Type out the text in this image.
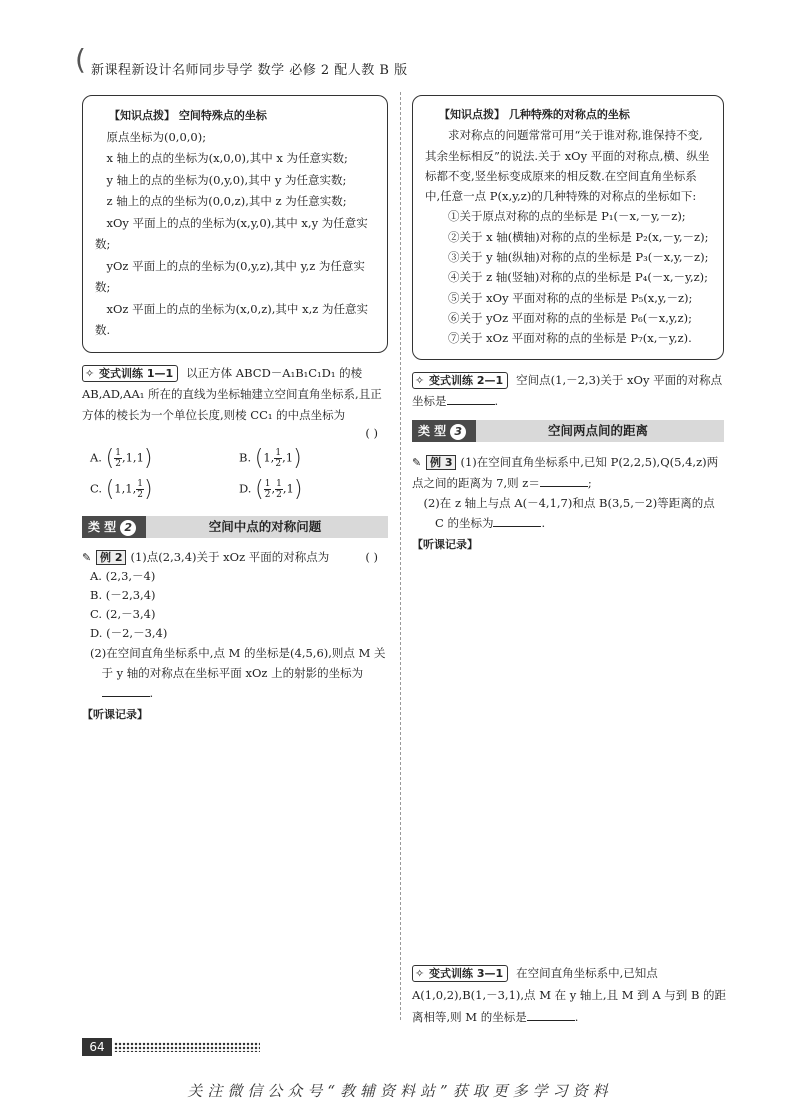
( 新课程新设计名师同步导学 数学 必修 2 配人教 B 版
【知识点拨】 空间特殊点的坐标

原点坐标为(0,0,0);

x 轴上的点的坐标为(x,0,0),其中 x 为任意实数;

y 轴上的点的坐标为(0,y,0),其中 y 为任意实数;

z 轴上的点的坐标为(0,0,z),其中 z 为任意实数;

xOy 平面上的点的坐标为(x,y,0),其中 x,y 为任意实数;

yOz 平面上的点的坐标为(0,y,z),其中 y,z 为任意实数;

xOz 平面上的点的坐标为(x,0,z),其中 x,z 为任意实数.

✧ 变式训练 1—1 以正方体 ABCD－A₁B₁C₁D₁ 的棱 AB,AD,AA₁ 所在的直线为坐标轴建立空间直角坐标系,且正方体的棱长为一个单位长度,则棱 CC₁ 的中点坐标为

( )
A. ( $\frac{1}{2} ,1,1$)	B. (1, $\frac{1}{2} ,1$)
C. (1,1, $\frac{1}{2}$ )	D. ( $\frac{1}{2}$ , $\frac{1}{2} ,1$)
空间中点的对称问题
类 型 2
✎ 例 2 (1)点(2,3,4)关于 xOz 平面的对称点为	( )
A. (2,3,－4)
B. (－2,3,4)
C. (2,－3,4)
D. (－2,－3,4)

(2)在空间直角坐标系中,点 M 的坐标是(4,5,6),则点 M 关于 y 轴的对称点在坐标平面 xOz 上的射影的坐标为.

【听课记录】
【知识点拨】 几种特殊的对称点的坐标

求对称点的问题常常可用“关于谁对称,谁保持不变,其余坐标相反”的说法.关于 xOy 平面的对称点,横、纵坐标都不变,竖坐标变成原来的相反数.在空间直角坐标系中,任意一点 P(x,y,z)的几种特殊的对称点的坐标如下:

①关于原点对称的点的坐标是 P₁(－x,－y,－z);

②关于 x 轴(横轴)对称的点的坐标是 P₂(x,－y,－z);

③关于 y 轴(纵轴)对称的点的坐标是 P₃(－x,y,－z);

④关于 z 轴(竖轴)对称的点的坐标是 P₄(－x,－y,z);

⑤关于 xOy 平面对称的点的坐标是 P₅(x,y,－z);

⑥关于 yOz 平面对称的点的坐标是 P₆(－x,y,z);

⑦关于 xOz 平面对称的点的坐标是 P₇(x,－y,z).

✧ 变式训练 2—1 空间点(1,－2,3)关于 xOy 平面的对称点坐标是	.

空间两点间的距离
类 型 3

✎ 例 3 (1)在空间直角坐标系中,已知 P(2,2,5),Q(5,4,z)两点之间的距离为 7,则 z＝	;

(2)在 z 轴上与点 A(－4,1,7)和点 B(3,5,－2)等距离的点 C 的坐标为	.

【听课记录】
✧ 变式训练 3—1 在空间直角坐标系中,已知点 A(1,0,2),B(1,－3,1),点 M 在 y 轴上,且 M 到 A 与到 B 的距离相等,则 M 的坐标是	.
64
关注微信公众号“教辅资料站”获取更多学习资料
